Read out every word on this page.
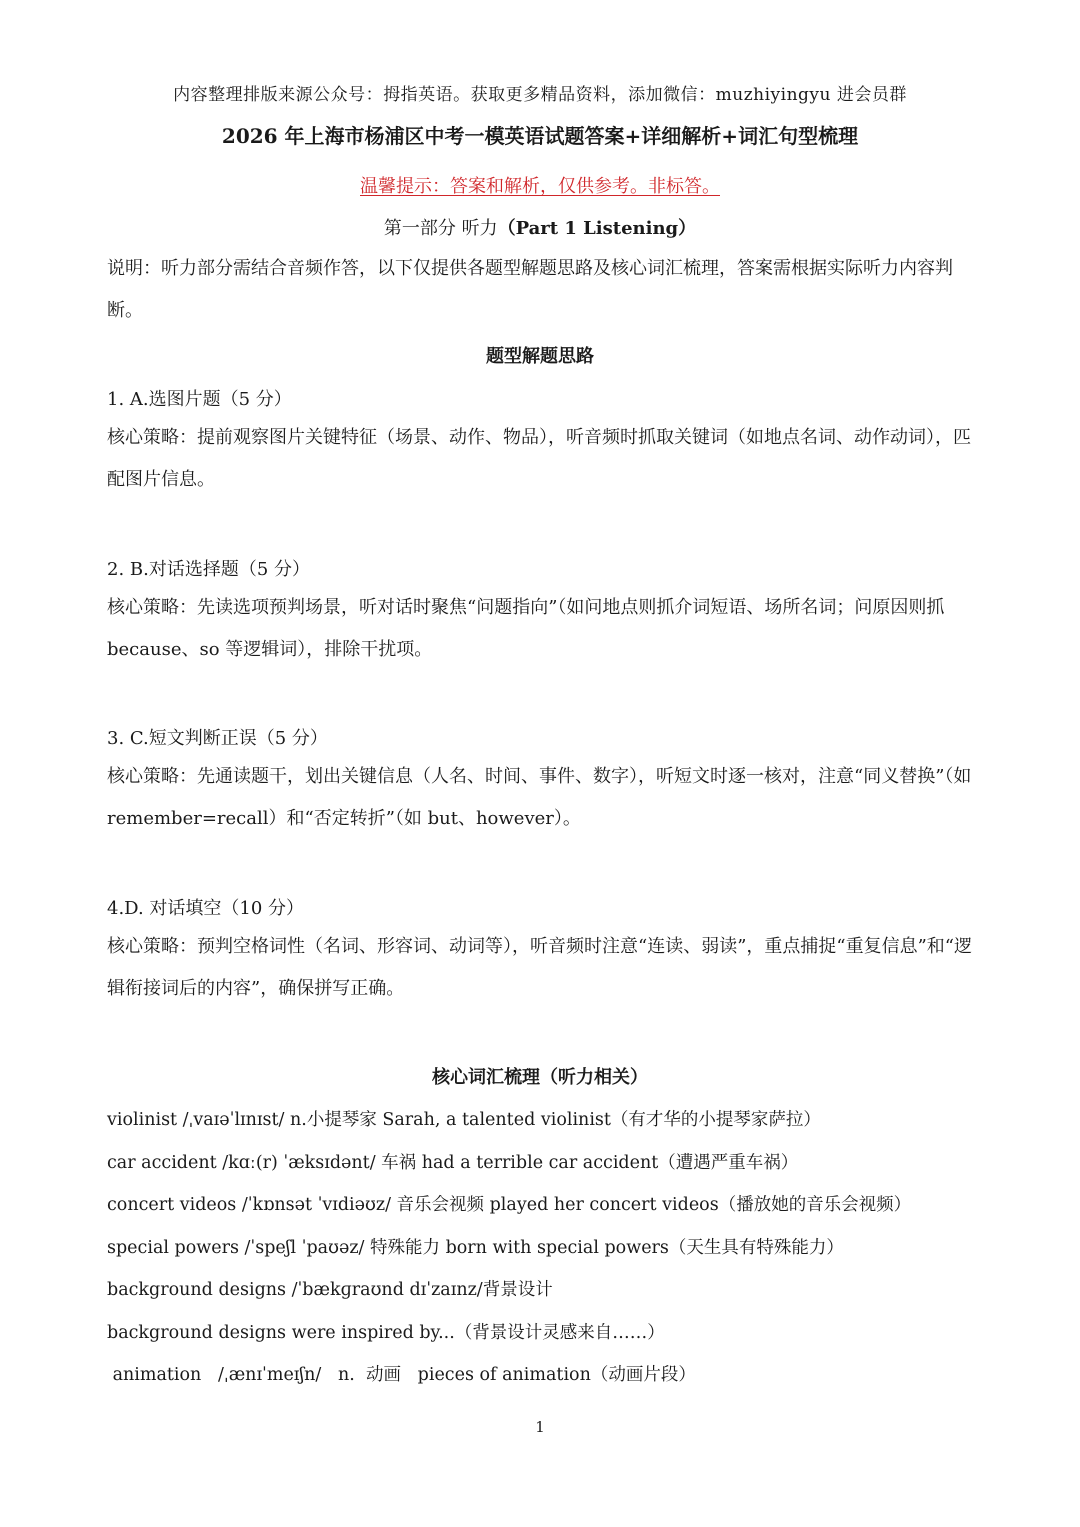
内容整理排版来源公众号：拇指英语。获取更多精品资料，添加微信：muzhiyingyu 进会员群
2026 年上海市杨浦区中考一模英语试题答案+详细解析+词汇句型梳理
温馨提示：答案和解析，仅供参考。非标答。
第一部分 听力（Part 1 Listening）
说明：听力部分需结合音频作答，以下仅提供各题型解题思路及核心词汇梳理，答案需根据实际听力内容判断。
题型解题思路
1. A.选图片题（5 分）
核心策略：提前观察图片关键特征（场景、动作、物品），听音频时抓取关键词（如地点名词、动作动词），匹配图片信息。
2. B.对话选择题（5 分）
核心策略：先读选项预判场景，听对话时聚焦“问题指向”（如问地点则抓介词短语、场所名词；问原因则抓 because、so 等逻辑词），排除干扰项。
3. C.短文判断正误（5 分）
核心策略：先通读题干，划出关键信息（人名、时间、事件、数字），听短文时逐一核对，注意“同义替换”（如 remember=recall）和“否定转折”（如 but、however）。
4.D. 对话填空（10 分）
核心策略：预判空格词性（名词、形容词、动词等），听音频时注意“连读、弱读”，重点捕捉“重复信息”和“逻辑衔接词后的内容”，确保拼写正确。
核心词汇梳理（听力相关）
violinist /ˌvaɪəˈlɪnɪst/ n.小提琴家 Sarah, a talented violinist（有才华的小提琴家萨拉）
car accident /kɑː(r) ˈæksɪdənt/ 车祸 had a terrible car accident（遭遇严重车祸）
concert videos /ˈkɒnsət ˈvɪdiəʊz/ 音乐会视频 played her concert videos（播放她的音乐会视频）
special powers /ˈspeʃl ˈpaʊəz/ 特殊能力 born with special powers（天生具有特殊能力）
background designs /ˈbækɡraʊnd dɪˈzaɪnz/背景设计
background designs were inspired by...（背景设计灵感来自……）
animation   /ˌænɪˈmeɪʃn/   n.  动画   pieces of animation（动画片段）
1
